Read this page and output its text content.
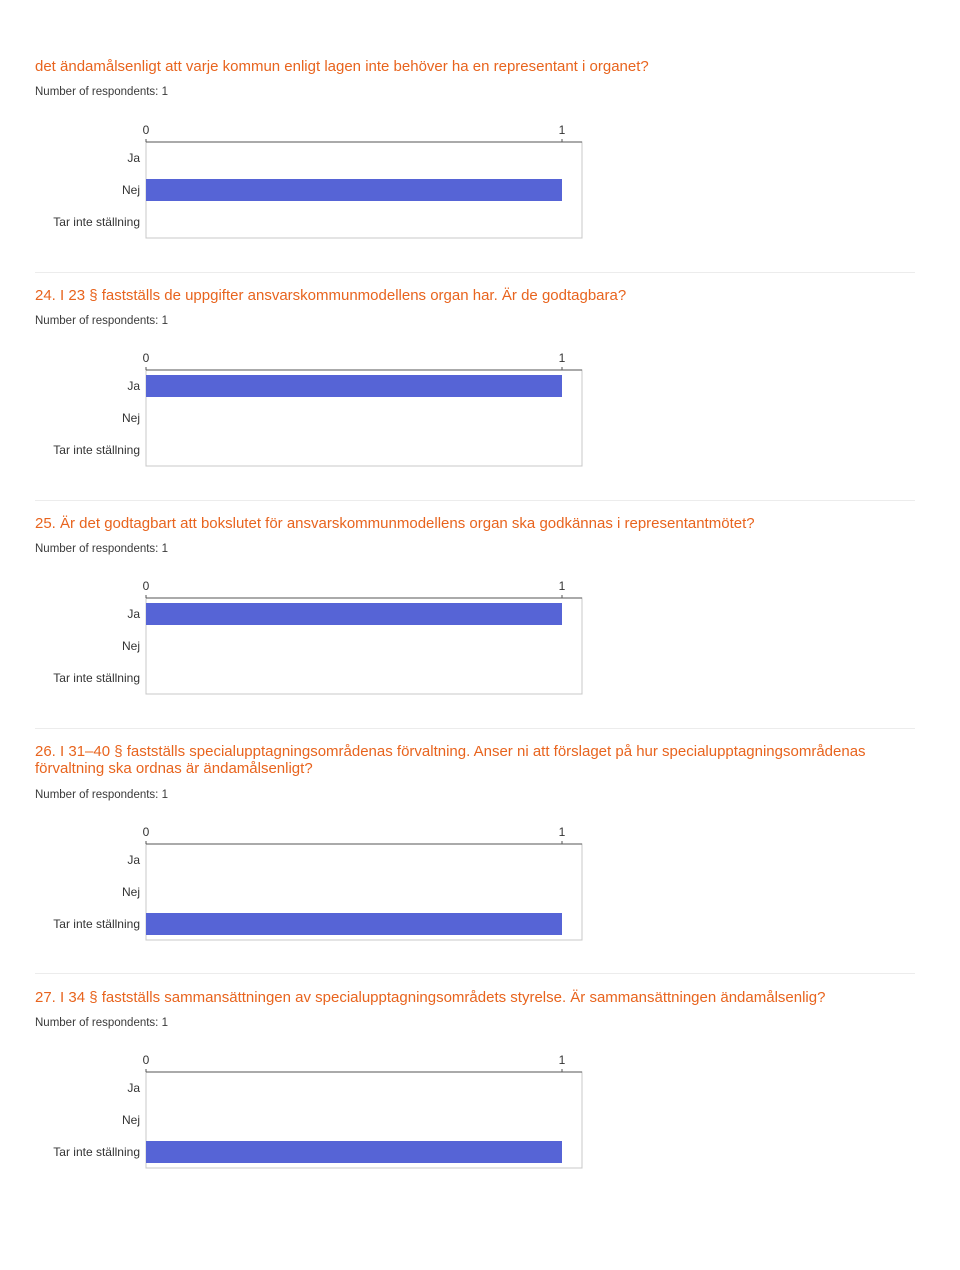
det ändamålsenligt att varje kommun enligt lagen inte behöver ha en representant i organet?

Number of respondents: 1
0	1
Ja
Nej
Tar inte ställning

24. I 23 § fastställs de uppgifter ansvarskommunmodellens organ har. Är de godtagbara?

Number of respondents: 1
0	1
Ja
Nej
Tar inte ställning

25. Är det godtagbart att bokslutet för ansvarskommunmodellens organ ska godkännas i representantmötet?

Number of respondents: 1
0	1
Ja
Nej
Tar inte ställning

26. I 31–40 § fastställs specialupptagningsområdenas förvaltning. Anser ni att förslaget på hur specialupptagningsområdenas förvaltning ska ordnas är ändamålsenligt?

Number of respondents: 1
0	1
Ja
Nej
Tar inte ställning

27. I 34 § fastställs sammansättningen av specialupptagningsområdets styrelse. Är sammansättningen ändamålsenlig?

Number of respondents: 1
0	1
Ja
Nej
Tar inte ställning
